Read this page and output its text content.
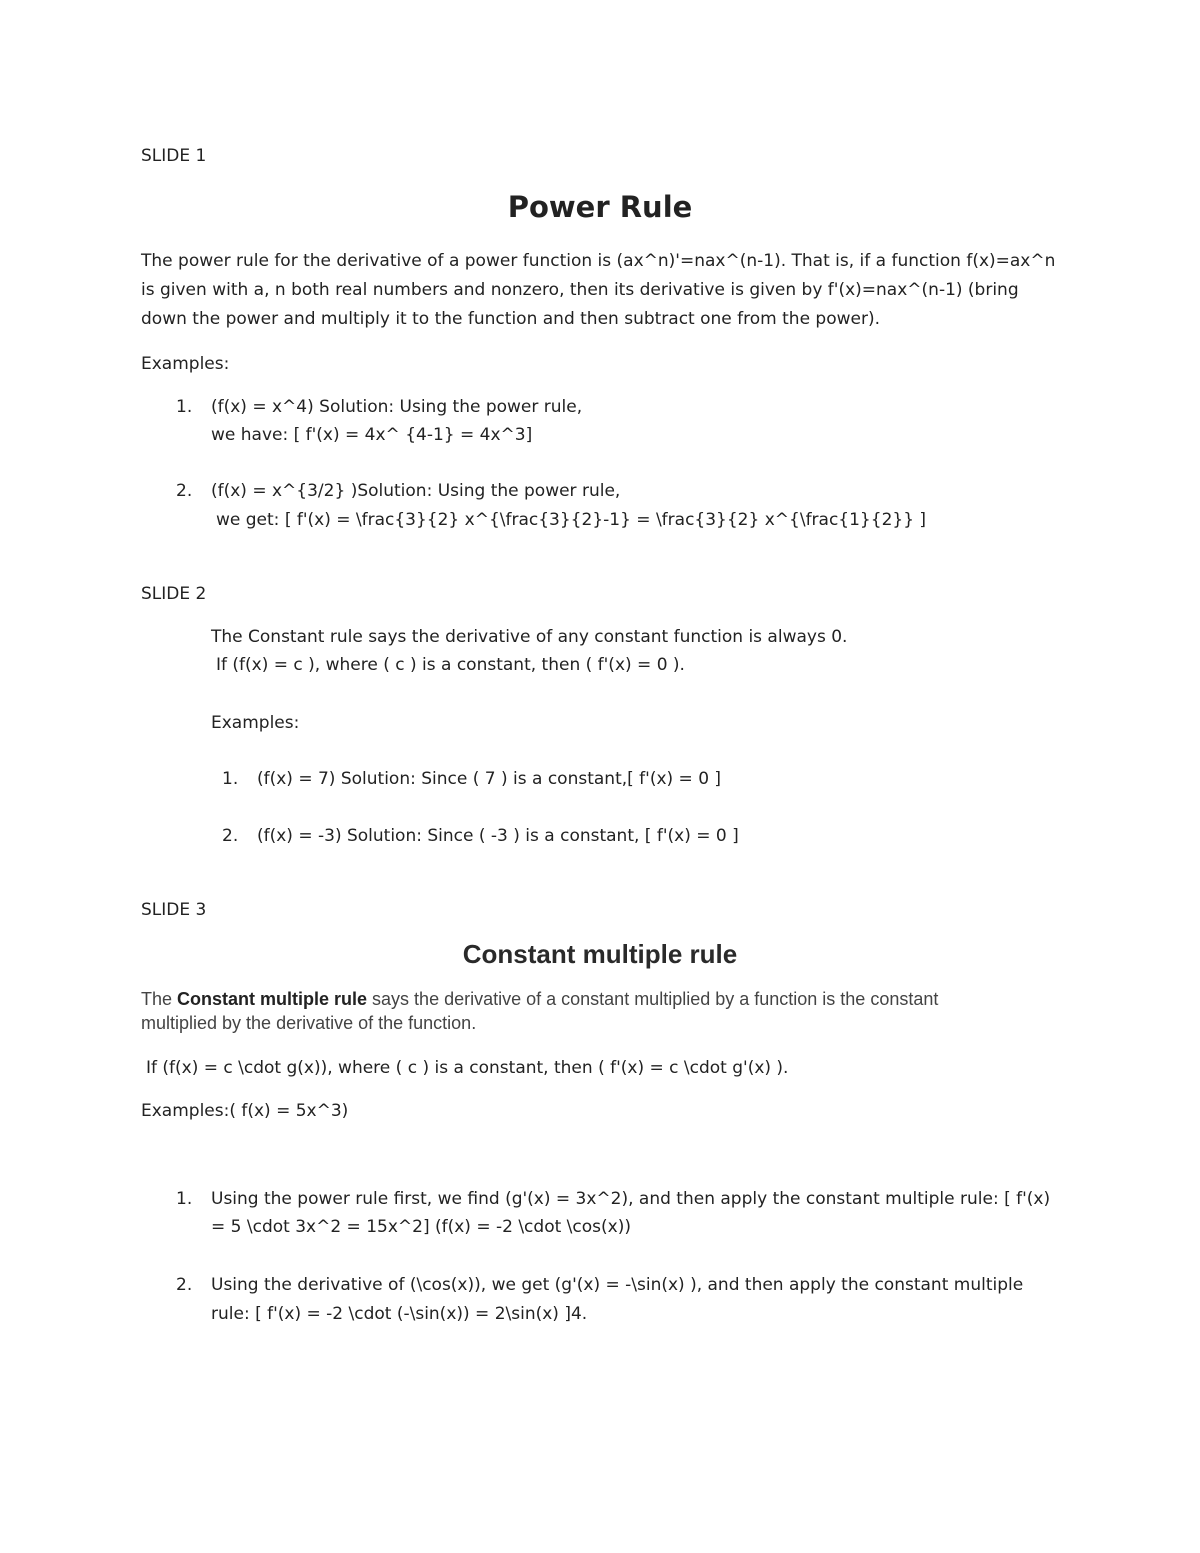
SLIDE 1
Power Rule
The power rule for the derivative of a power function is (ax^n)'=nax^(n-1). That is, if a function f(x)=ax^n
is given with a, n both real numbers and nonzero, then its derivative is given by f'(x)=nax^(n-1) (bring
down the power and multiply it to the function and then subtract one from the power).
Examples:
1. (f(x) = x^4) Solution: Using the power rule,
we have: [ f'(x) = 4x^ {4-1} = 4x^3]
2. (f(x) = x^{3/2} )Solution: Using the power rule,
we get: [ f'(x) = \frac{3}{2} x^{\frac{3}{2}-1} = \frac{3}{2} x^{\frac{1}{2}} ]
SLIDE 2
The Constant rule says the derivative of any constant function is always 0.
If (f(x) = c ), where ( c ) is a constant, then ( f'(x) = 0 ).
Examples:
1. (f(x) = 7) Solution: Since ( 7 ) is a constant,[ f'(x) = 0 ]
2. (f(x) = -3) Solution: Since ( -3 ) is a constant, [ f'(x) = 0 ]
SLIDE 3
Constant multiple rule
The Constant multiple rule says the derivative of a constant multiplied by a function is the constant
multiplied by the derivative of the function.
If (f(x) = c \cdot g(x)), where ( c ) is a constant, then ( f'(x) = c \cdot g'(x) ).
Examples:( f(x) = 5x^3)
1. Using the power rule first, we find (g'(x) = 3x^2), and then apply the constant multiple rule: [ f'(x)
= 5 \cdot 3x^2 = 15x^2] (f(x) = -2 \cdot \cos(x))
2. Using the derivative of (\cos(x)), we get (g'(x) = -\sin(x) ), and then apply the constant multiple
rule: [ f'(x) = -2 \cdot (-\sin(x)) = 2\sin(x) ]4.
